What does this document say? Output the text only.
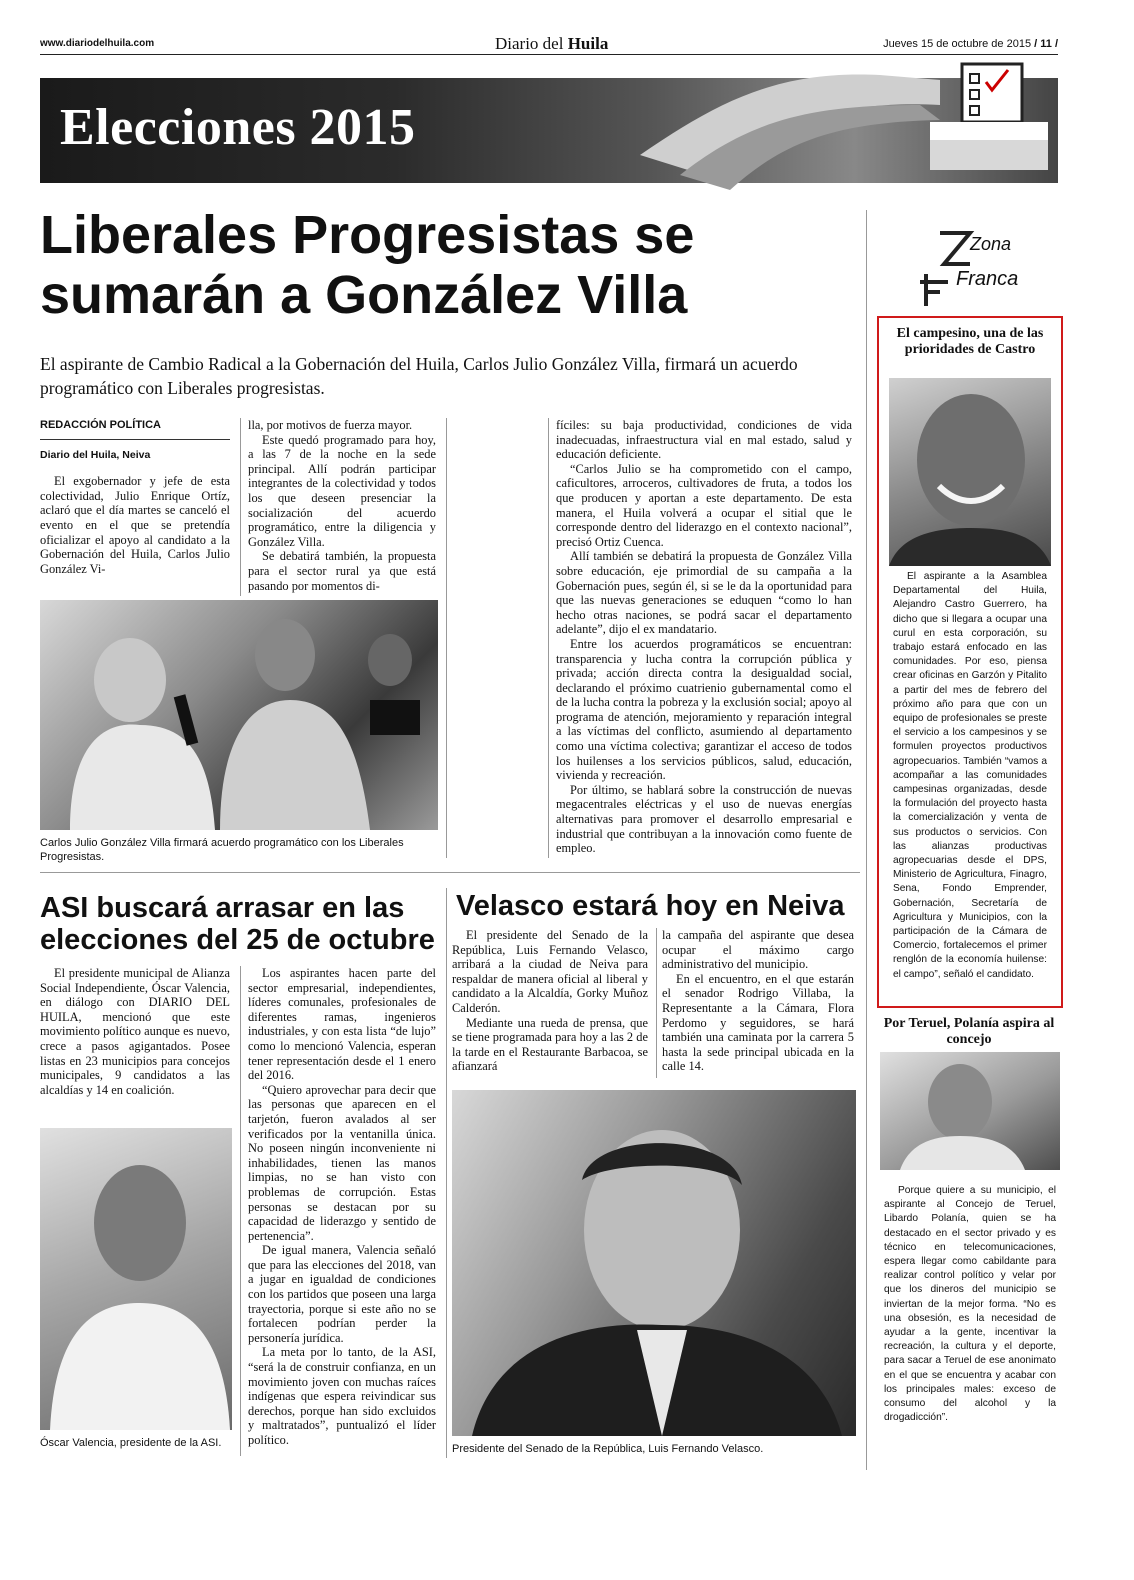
www.diariodelhuila.com	Diario del Huila	Jueves 15 de octubre de 2015 / 11 /
Elecciones 2015
Liberales Progresistas se sumarán a González Villa
El aspirante de Cambio Radical a la Gobernación del Huila, Carlos Julio González Villa, firmará un acuerdo programático con Liberales progresistas.
REDACCIÓN POLÍTICA
Diario del Huila, Neiva

El exgobernador y jefe de esta colectividad, Julio Enrique Ortíz, aclaró que el día martes se canceló el evento en el que se pretendía oficializar el apoyo al candidato a la Gobernación del Huila, Carlos Julio González Vi-

lla, por motivos de fuerza mayor.

Este quedó programado para hoy, a las 7 de la noche en la sede principal. Allí podrán participar integrantes de la colectividad y todos los que deseen presenciar la socialización del acuerdo programático, entre la diligencia y González Villa.

Se debatirá también, la propuesta para el sector rural ya que está pasando por momentos di-

Carlos Julio González Villa firmará acuerdo programático con los Liberales Progresistas.

fíciles: su baja productividad, condiciones de vida inadecuadas, infraestructura vial en mal estado, salud y educación deficiente.

“Carlos Julio se ha comprometido con el campo, caficultores, arroceros, cultivadores de fruta, a todos los que producen y aportan a este departamento. De esta manera, el Huila volverá a ocupar el sitial que le corresponde dentro del liderazgo en el contexto nacional”, precisó Ortiz Cuenca.

Allí también se debatirá la propuesta de González Villa sobre educación, eje primordial de su campaña a la Gobernación pues, según él, si se le da la oportunidad para que las nuevas generaciones se eduquen “como lo han hecho otras naciones, se podrá sacar el departamento adelante”, dijo el ex mandatario.

Entre los acuerdos programáticos se encuentran: transparencia y lucha contra la corrupción pública y privada; acción directa contra la desigualdad social, declarando el próximo cuatrienio gubernamental como el de la lucha contra la pobreza y la exclusión social; apoyo al programa de atención, mejoramiento y reparación integral a las víctimas del conflicto, asumiendo al departamento como una víctima colectiva; garantizar el acceso de todos los huilenses a los servicios públicos, salud, educación, vivienda y recreación.

Por último, se hablará sobre la construcción de nuevas megacentrales eléctricas y el uso de nuevas energías alternativas para promover el desarrollo empresarial e industrial que contribuyan a la innovación como fuente de empleo.

ASI buscará arrasar en las elecciones del 25 de octubre

El presidente municipal de Alianza Social Independiente, Óscar Valencia, en diálogo con DIARIO DEL HUILA, mencionó que este movimiento político aunque es nuevo, crece a pasos agigantados. Posee listas en 23 municipios para concejos municipales, 9 candidatos a las alcaldías y 14 en coalición.

Óscar Valencia, presidente de la ASI.

Los aspirantes hacen parte del sector empresarial, independientes, líderes comunales, profesionales de diferentes ramas, ingenieros industriales, y con esta lista “de lujo” como lo mencionó Valencia, esperan tener representación desde el 1 enero del 2016.

“Quiero aprovechar para decir que las personas que aparecen en el tarjetón, fueron avalados al ser verificados por la ventanilla única. No poseen ningún inconveniente ni inhabilidades, tienen las manos limpias, no se han visto con problemas de corrupción. Estas personas se destacan por su capacidad de liderazgo y sentido de pertenencia”.

De igual manera, Valencia señaló que para las elecciones del 2018, van a jugar en igualdad de condiciones con los partidos que poseen una larga trayectoria, porque si este año no se fortalecen podrían perder la personería jurídica.

La meta por lo tanto, de la ASI, “será la de construir confianza, en un movimiento joven con muchas raíces indígenas que espera reivindicar sus derechos, porque han sido excluidos y maltratados”, puntualizó el líder político.

Velasco estará hoy en Neiva

El presidente del Senado de la República, Luis Fernando Velasco, arribará a la ciudad de Neiva para respaldar de manera oficial al liberal y candidato a la Alcaldía, Gorky Muñoz Calderón.

Mediante una rueda de prensa, que se tiene programada para hoy a las 2 de la tarde en el Restaurante Barbacoa, se afianzará

la campaña del aspirante que desea ocupar el máximo cargo administrativo del municipio.

En el encuentro, en el que estarán el senador Rodrigo Villaba, la Representante a la Cámara, Flora Perdomo y seguidores, se hará también una caminata por la carrera 5 hasta la sede principal ubicada en la calle 14.

Presidente del Senado de la República, Luis Fernando Velasco.
Zona
Franca
El campesino, una de las prioridades de Castro
El aspirante a la Asamblea Departamental del Huila, Alejandro Castro Guerrero, ha dicho que si llegara a ocupar una curul en esta corporación, su trabajo estará enfocado en las comunidades. Por eso, piensa crear oficinas en Garzón y Pitalito a partir del mes de febrero del próximo año para que con un equipo de profesionales se preste el servicio a los campesinos y se formulen proyectos productivos agropecuarios. También “vamos a acompañar a las comunidades campesinas organizadas, desde la formulación del proyecto hasta la comercialización y venta de sus productos o servicios. Con las alianzas productivas agropecuarias desde el DPS, Ministerio de Agricultura, Finagro, Sena, Fondo Emprender, Gobernación, Secretaría de Agricultura y Municipios, con la participación de la Cámara de Comercio, fortalecemos el primer renglón de la economía huilense: el campo”, señaló el candidato.
Por Teruel, Polanía aspira al concejo
Porque quiere a su municipio, el aspirante al Concejo de Teruel, Libardo Polanía, quien se ha destacado en el sector privado y es técnico en telecomunicaciones, espera llegar como cabildante para realizar control político y velar por que los dineros del municipio se inviertan de la mejor forma. “No es una obsesión, es la necesidad de ayudar a la gente, incentivar la recreación, la cultura y el deporte, para sacar a Teruel de ese anonimato en el que se encuentra y acabar con los principales males: exceso de consumo del alcohol y la drogadicción”.
